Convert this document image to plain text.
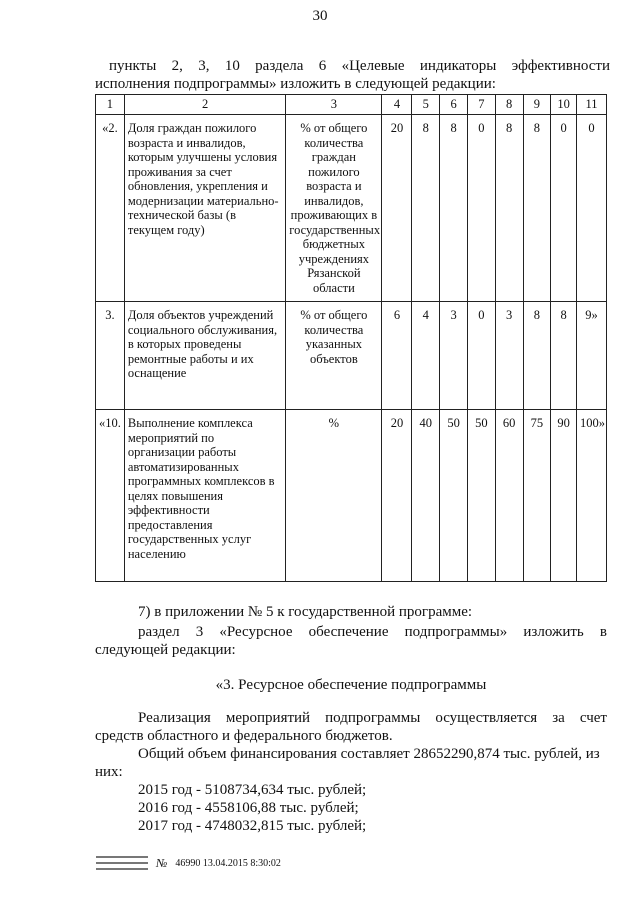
30
пункты 2, 3, 10 раздела 6 «Целевые индикаторы эффективности
исполнения подпрограммы» изложить в следующей редакции:
1	2	3	4	5	6	7	8	9	10	11
«2.	Доля граждан пожилого возраста и инвалидов, которым улучшены условия проживания за счет обновления, укрепления и модернизации материально-технической базы (в текущем году)	% от общего количества граждан пожилого возраста и инвалидов, проживающих в государственных бюджетных учреждениях Рязанской области	20	8	8	0	8	8	0	0
3.	Доля объектов учреждений социального обслуживания, в которых проведены ремонтные работы и их оснащение	% от общего количества указанных объектов	6	4	3	0	3	8	8	9»
«10.	Выполнение комплекса мероприятий по организации работы автоматизированных программных комплексов в целях повышения эффективности предоставления государственных услуг населению	%	20	40	50	50	60	75	90	100»
7) в приложении № 5 к государственной программе:
раздел 3 «Ресурсное обеспечение подпрограммы» изложить в
следующей редакции:
«3. Ресурсное обеспечение подпрограммы
Реализация мероприятий подпрограммы осуществляется за счет
средств областного и федерального бюджетов.
Общий объем финансирования составляет 28652290,874 тыс. рублей, из
них:
2015 год - 5108734,634 тыс. рублей;
2016 год - 4558106,88 тыс. рублей;
2017 год - 4748032,815 тыс. рублей;
№ 46990 13.04.2015 8:30:02
